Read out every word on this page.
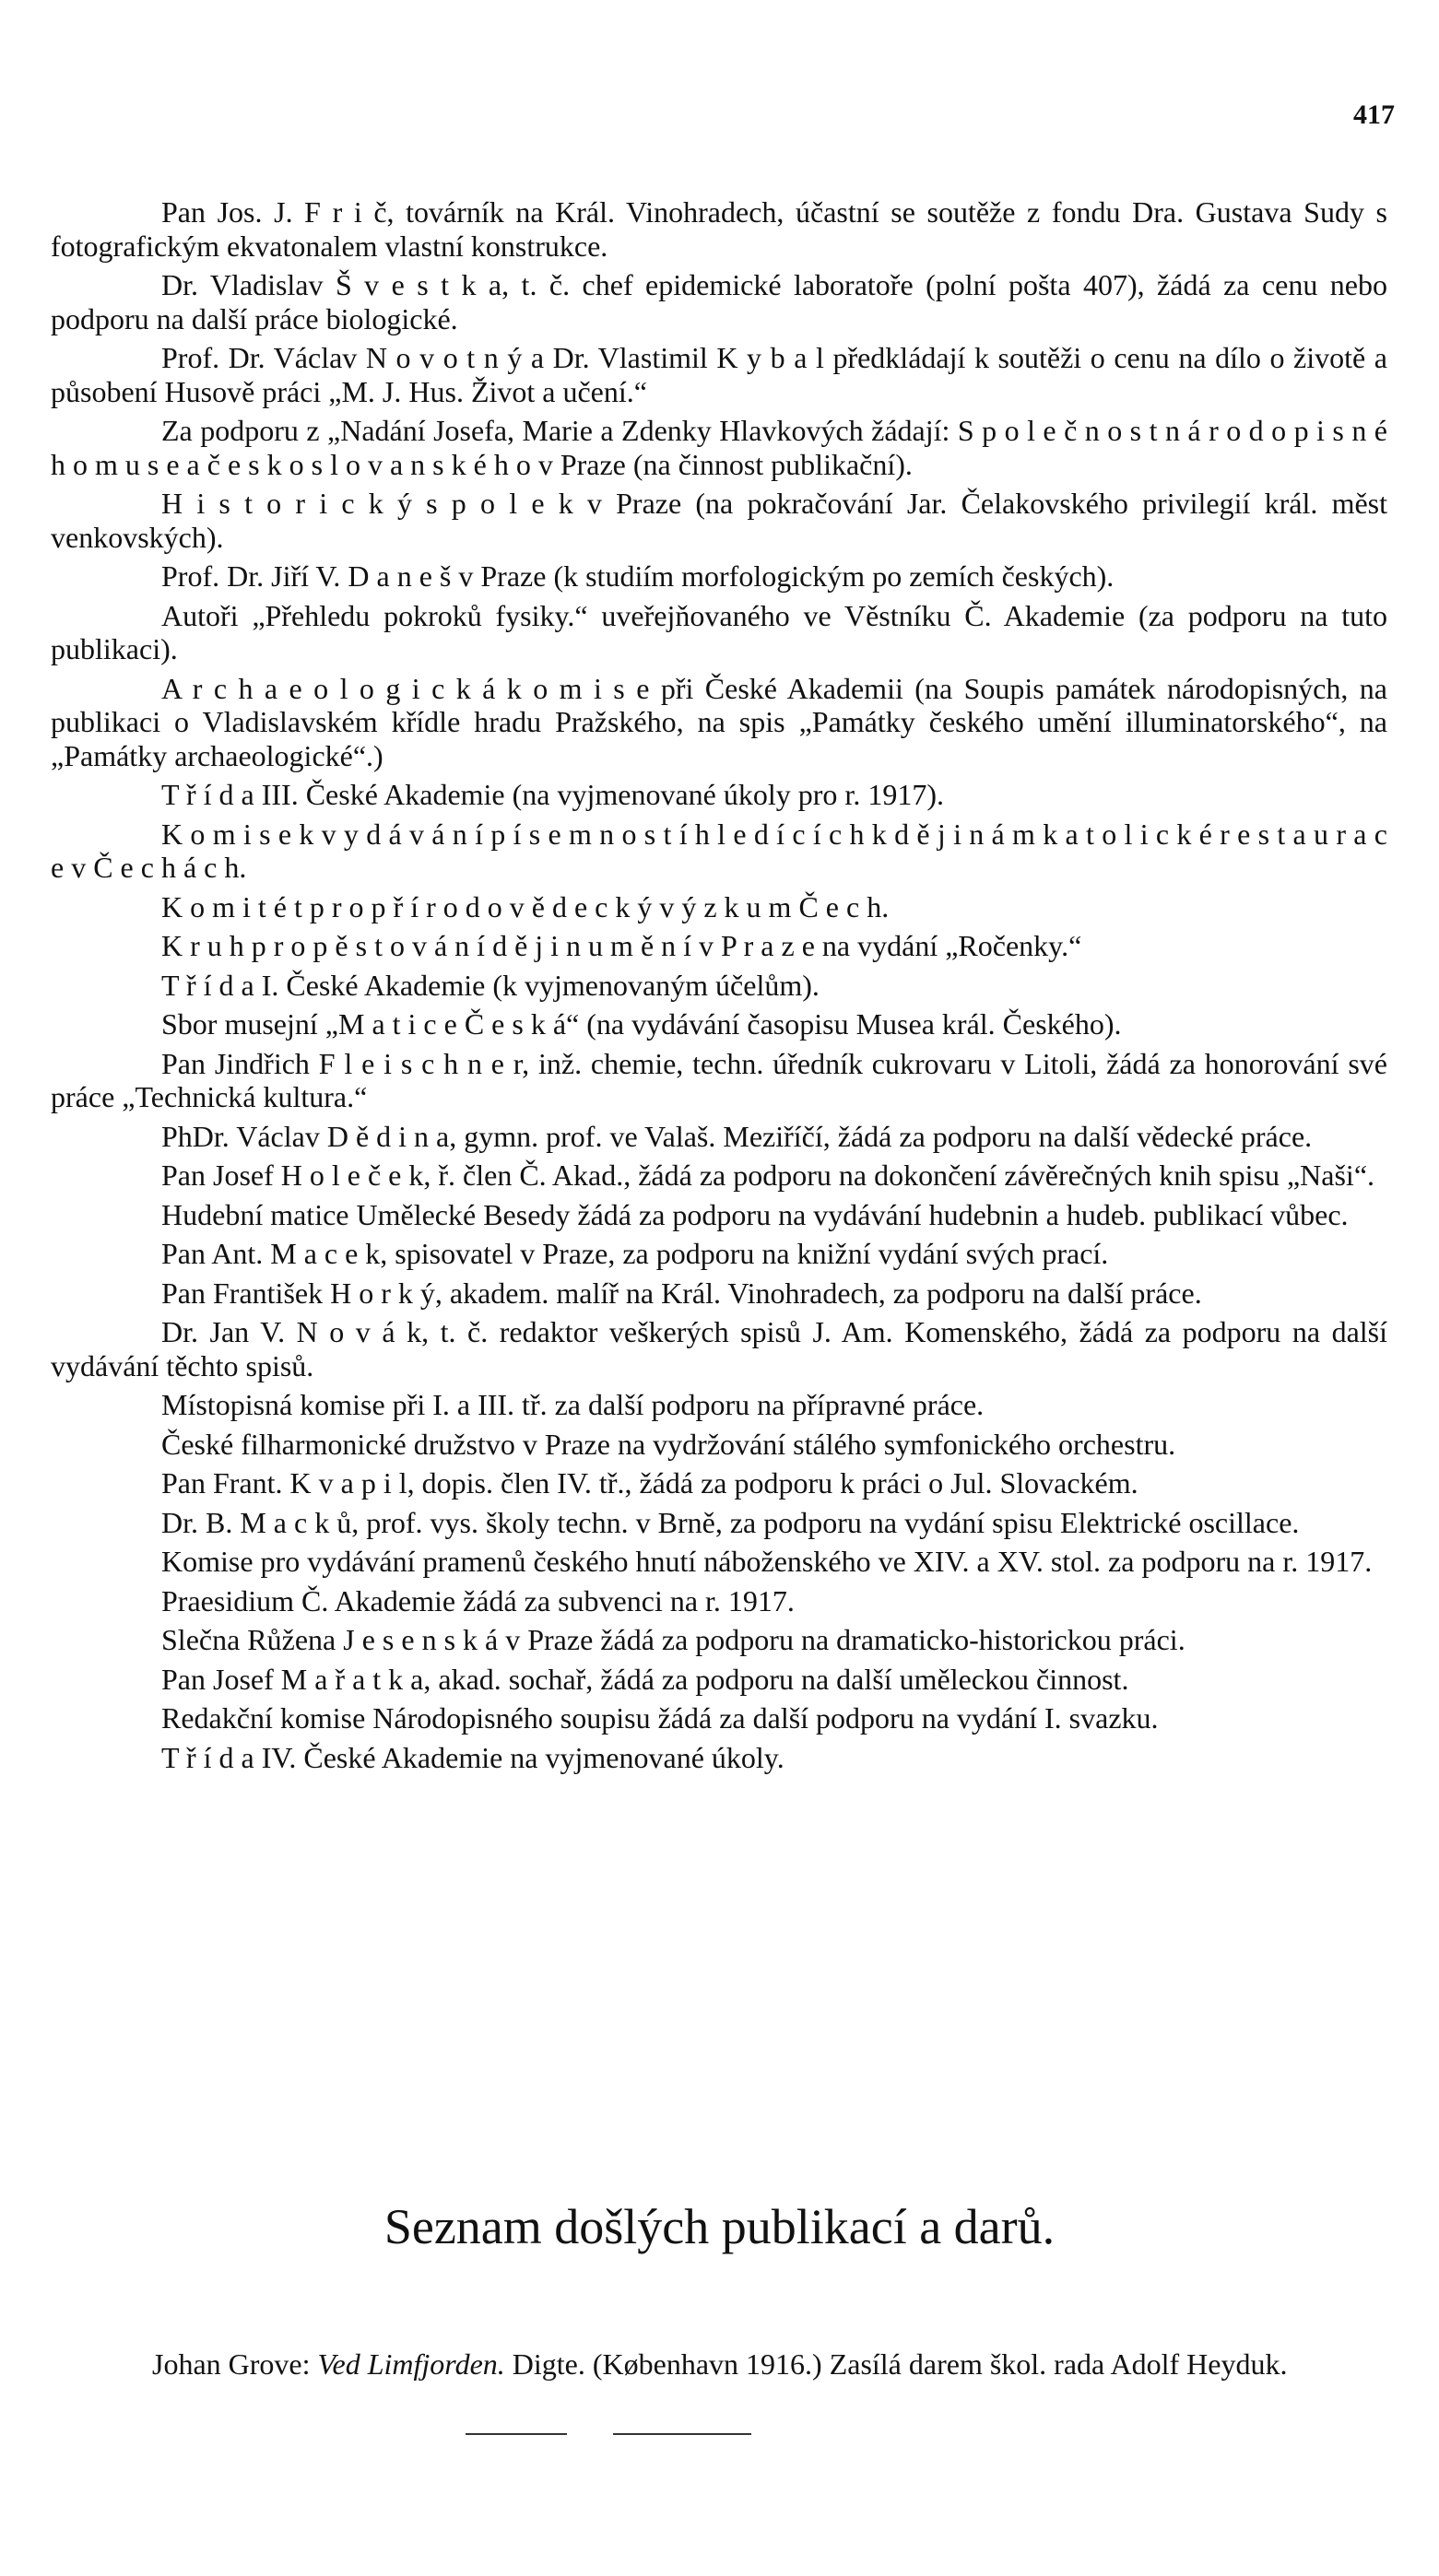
417

Pan Jos. J. F r i č, továrník na Král. Vinohradech, účastní se soutěže z fondu Dra. Gustava Sudy s fotografickým ekvatonalem vlastní konstrukce.

Dr. Vladislav Š v e s t k a, t. č. chef epidemické laboratoře (polní pošta 407), žádá za cenu nebo podporu na další práce biologické.

Prof. Dr. Václav N o v o t n ý a Dr. Vlastimil K y b a l předkládají k soutěži o cenu na dílo o životě a působení Husově práci „M. J. Hus. Život a učení.“

Za podporu z „Nadání Josefa, Marie a Zdenky Hlavkových žádají: S p o l e č n o s t n á r o d o p i s n é h o m u s e a č e s k o s l o v a n s k é h o v Praze (na činnost publikační).

H i s t o r i c k ý s p o l e k v Praze (na pokračování Jar. Čelakovského privilegií král. měst venkovských).

Prof. Dr. Jiří V. D a n e š v Praze (k studiím morfologickým po zemích českých).

Autoři „Přehledu pokroků fysiky.“ uveřejňovaného ve Věstníku Č. Akademie (za podporu na tuto publikaci).

A r c h a e o l o g i c k á k o m i s e při České Akademii (na Soupis památek národopisných, na publikaci o Vladislavském křídle hradu Pražského, na spis „Památky českého umění illuminatorského“, na „Památky archaeologické“.)

T ř í d a III. České Akademie (na vyjmenované úkoly pro r. 1917).

K o m i s e k v y d á v á n í p í s e m n o s t í h l e d í c í c h k d ě j i n á m k a t o l i c k é r e s t a u r a c e v Č e c h á c h.

K o m i t é t p r o p ř í r o d o v ě d e c k ý v ý z k u m Č e c h.

K r u h p r o p ě s t o v á n í d ě j i n u m ě n í v P r a z e na vydání „Ročenky.“

T ř í d a I. České Akademie (k vyjmenovaným účelům).

Sbor musejní „M a t i c e Č e s k á“ (na vydávání časopisu Musea král. Českého).

Pan Jindřich F l e i s c h n e r, inž. chemie, techn. úředník cukrovaru v Litoli, žádá za honorování své práce „Technická kultura.“

PhDr. Václav D ě d i n a, gymn. prof. ve Valaš. Meziříčí, žádá za podporu na další vědecké práce.

Pan Josef H o l e č e k, ř. člen Č. Akad., žádá za podporu na dokončení závěrečných knih spisu „Naši“.

Hudební matice Umělecké Besedy žádá za podporu na vydávání hudebnin a hudeb. publikací vůbec.

Pan Ant. M a c e k, spisovatel v Praze, za podporu na knižní vydání svých prací.

Pan František H o r k ý, akadem. malíř na Král. Vinohradech, za podporu na další práce.

Dr. Jan V. N o v á k, t. č. redaktor veškerých spisů J. Am. Komenského, žádá za podporu na další vydávání těchto spisů.

Místopisná komise při I. a III. tř. za další podporu na přípravné práce.

České filharmonické družstvo v Praze na vydržování stálého symfonického orchestru.

Pan Frant. K v a p i l, dopis. člen IV. tř., žádá za podporu k práci o Jul. Slovackém.

Dr. B. M a c k ů, prof. vys. školy techn. v Brně, za podporu na vydání spisu Elektrické oscillace.

Komise pro vydávání pramenů českého hnutí náboženského ve XIV. a XV. stol. za podporu na r. 1917.

Praesidium Č. Akademie žádá za subvenci na r. 1917.

Slečna Růžena J e s e n s k á v Praze žádá za podporu na dramaticko-historickou práci.

Pan Josef M a ř a t k a, akad. sochař, žádá za podporu na další uměleckou činnost.

Redakční komise Národopisného soupisu žádá za další podporu na vydání I. svazku.

T ř í d a IV. České Akademie na vyjmenované úkoly.

Seznam došlých publikací a darů.

Johan Grove: Ved Limfjorden. Digte. (København 1916.) Zasílá darem škol. rada Adolf Heyduk.
